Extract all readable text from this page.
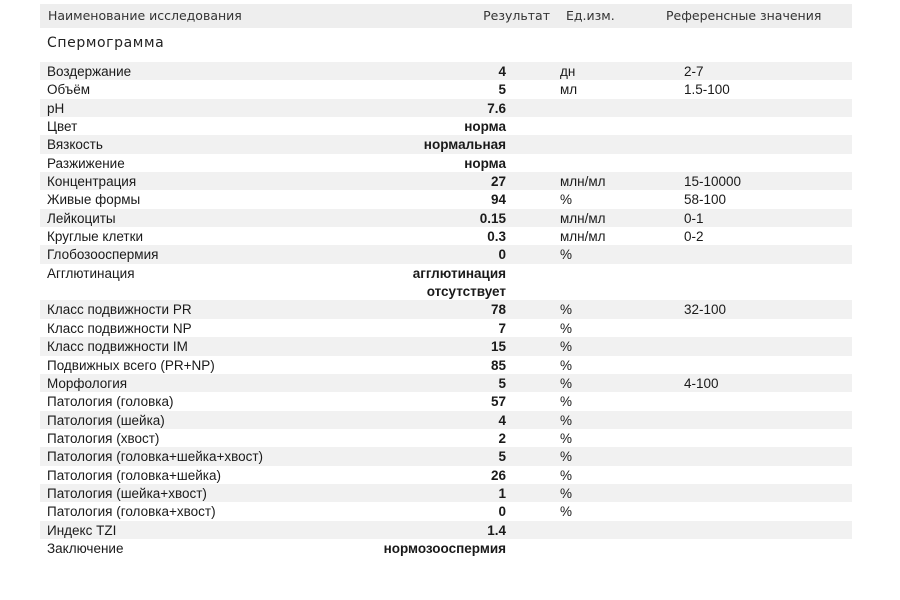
Наименование исследования	Результат Ед.изм.	Референсные значения
Спермограмма
Воздержание	4	дн	2-7
Объём	5	мл	1.5-100
pH	7.6
Цвет	норма
Вязкость	нормальная
Разжижение	норма
Концентрация	27	млн/мл	15-10000
Живые формы	94	%	58-100
Лейкоциты	0.15	млн/мл	0-1
Круглые клетки	0.3	млн/мл	0-2
Глобозооспермия	0	%
Агглютинация	агглютинация
отсутствует
Класс подвижности PR	78	%	32-100
Класс подвижности NP	7	%
Класс подвижности IM	15	%
Подвижных всего (PR+NP)	85	%
Морфология	5	%	4-100
Патология (головка)	57	%
Патология (шейка)	4	%
Патология (хвост)	2	%
Патология (головка+шейка+хвост)	5	%
Патология (головка+шейка)	26	%
Патология (шейка+хвост)	1	%
Патология (головка+хвост)	0	%
Индекс TZI	1.4
Заключение	нормозооспермия
